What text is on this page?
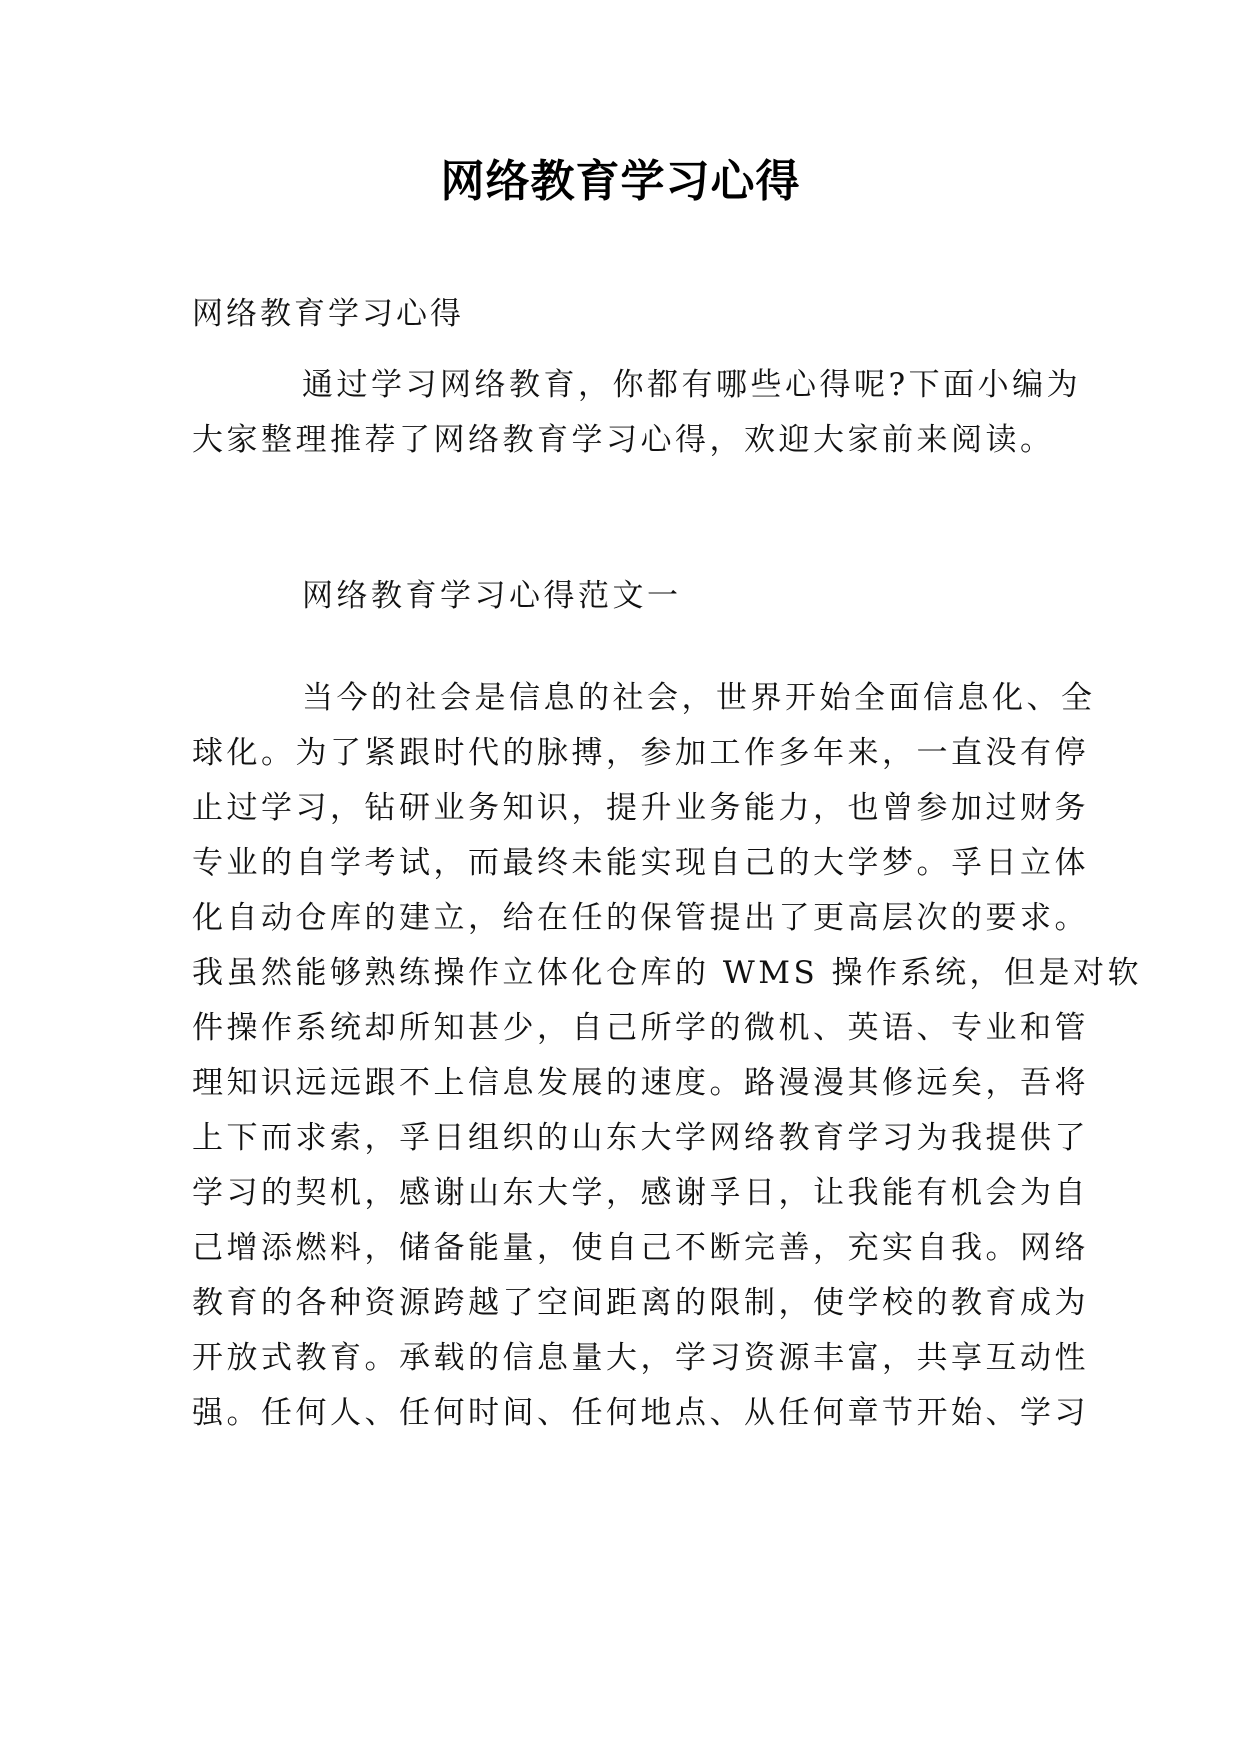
网络教育学习心得
网络教育学习心得
通过学习网络教育，你都有哪些心得呢?下面小编为
大家整理推荐了网络教育学习心得，欢迎大家前来阅读。
网络教育学习心得范文一
当今的社会是信息的社会，世界开始全面信息化、全
球化。为了紧跟时代的脉搏，参加工作多年来，一直没有停
止过学习，钻研业务知识，提升业务能力，也曾参加过财务
专业的自学考试，而最终未能实现自己的大学梦。孚日立体
化自动仓库的建立，给在任的保管提出了更高层次的要求。
我虽然能够熟练操作立体化仓库的 WMS 操作系统，但是对软
件操作系统却所知甚少，自己所学的微机、英语、专业和管
理知识远远跟不上信息发展的速度。路漫漫其修远矣，吾将
上下而求索，孚日组织的山东大学网络教育学习为我提供了
学习的契机，感谢山东大学，感谢孚日，让我能有机会为自
己增添燃料，储备能量，使自己不断完善，充实自我。网络
教育的各种资源跨越了空间距离的限制，使学校的教育成为
开放式教育。承载的信息量大，学习资源丰富，共享互动性
强。任何人、任何时间、任何地点、从任何章节开始、学习
